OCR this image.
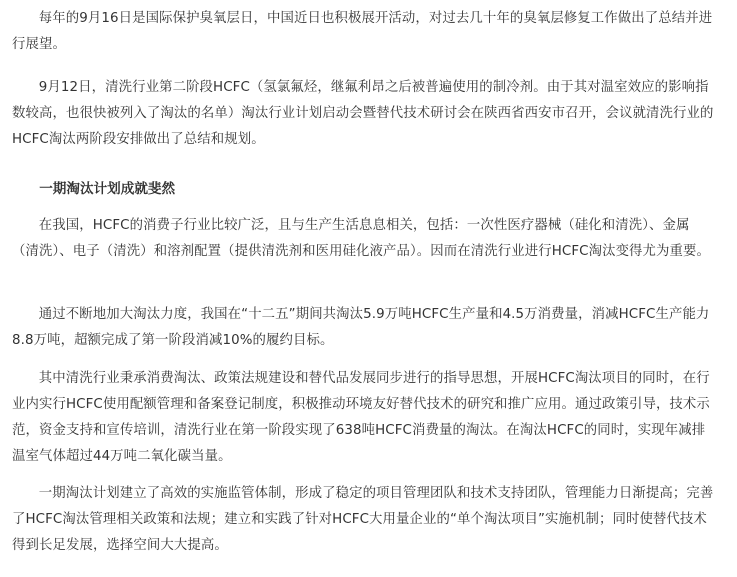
每年的9月16日是国际保护臭氧层日，中国近日也积极展开活动，对过去几十年的臭氧层修复工作做出了总结并进行展望。

9月12日，清洗行业第二阶段HCFC（氢氯氟烃，继氟利昂之后被普遍使用的制冷剂。由于其对温室效应的影响指数较高，也很快被列入了淘汰的名单）淘汰行业计划启动会暨替代技术研讨会在陕西省西安市召开，会议就清洗行业的HCFC淘汰两阶段安排做出了总结和规划。

一期淘汰计划成就斐然

在我国，HCFC的消费子行业比较广泛，且与生产生活息息相关，包括：一次性医疗器械（硅化和清洗）、金属（清洗）、电子（清洗）和溶剂配置（提供清洗剂和医用硅化液产品）。因而在清洗行业进行HCFC淘汰变得尤为重要。

通过不断地加大淘汰力度，我国在“十二五”期间共淘汰5.9万吨HCFC生产量和4.5万消费量，消减HCFC生产能力8.8万吨，超额完成了第一阶段消减10%的履约目标。

其中清洗行业秉承消费淘汰、政策法规建设和替代品发展同步进行的指导思想，开展HCFC淘汰项目的同时，在行业内实行HCFC使用配额管理和备案登记制度，积极推动环境友好替代技术的研究和推广应用。通过政策引导，技术示范，资金支持和宣传培训，清洗行业在第一阶段实现了638吨HCFC消费量的淘汰。在淘汰HCFC的同时，实现年减排温室气体超过44万吨二氧化碳当量。

一期淘汰计划建立了高效的实施监管体制，形成了稳定的项目管理团队和技术支持团队，管理能力日渐提高；完善了HCFC淘汰管理相关政策和法规；建立和实践了针对HCFC大用量企业的“单个淘汰项目”实施机制；同时使替代技术得到长足发展，选择空间大大提高。
